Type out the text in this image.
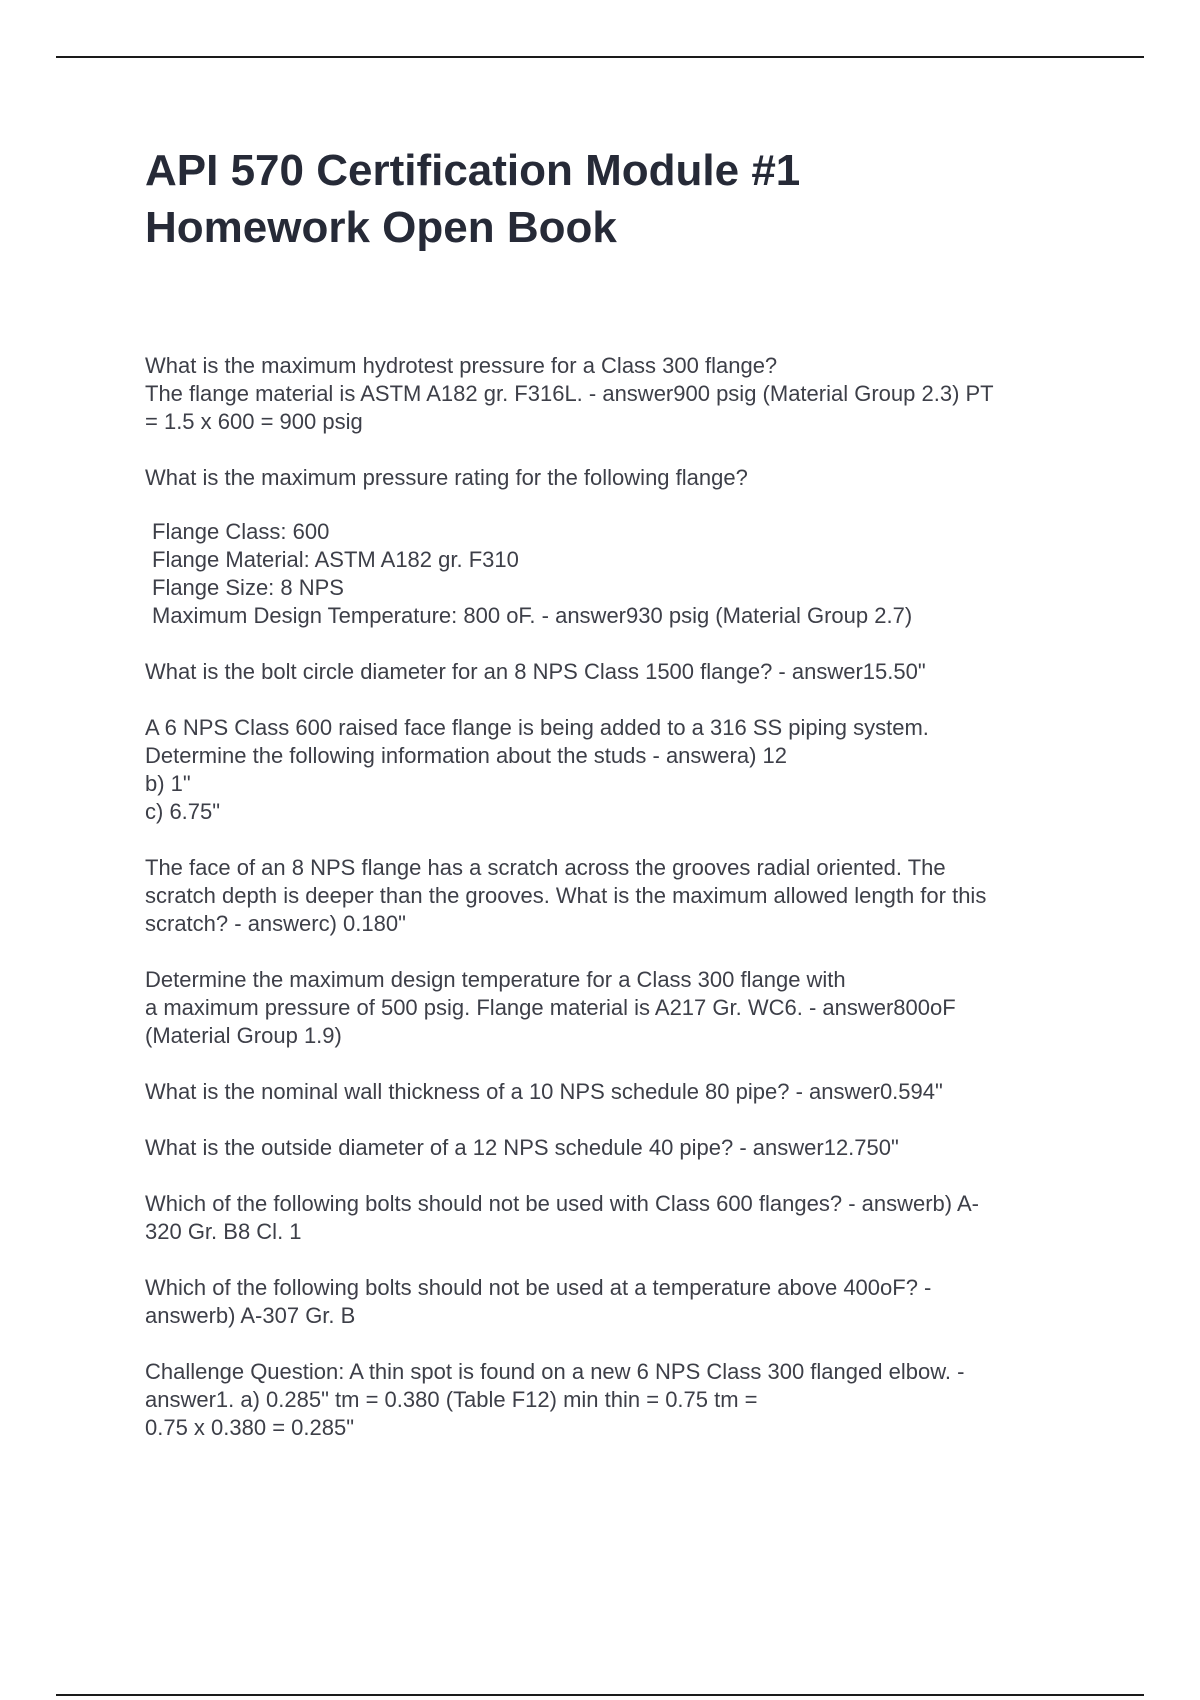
API 570 Certification Module #1
Homework Open Book

What is the maximum hydrotest pressure for a Class 300 flange?
The flange material is ASTM A182 gr. F316L. - answer900 psig (Material Group 2.3) PT
= 1.5 x 600 = 900 psig

What is the maximum pressure rating for the following flange?

Flange Class: 600
Flange Material: ASTM A182 gr. F310
Flange Size: 8 NPS
Maximum Design Temperature: 800 oF. - answer930 psig (Material Group 2.7)

What is the bolt circle diameter for an 8 NPS Class 1500 flange? - answer15.50"

A 6 NPS Class 600 raised face flange is being added to a 316 SS piping system.
Determine the following information about the studs - answera) 12
b) 1"
c) 6.75"

The face of an 8 NPS flange has a scratch across the grooves radial oriented. The
scratch depth is deeper than the grooves. What is the maximum allowed length for this
scratch? - answerc) 0.180"

Determine the maximum design temperature for a Class 300 flange with
a maximum pressure of 500 psig. Flange material is A217 Gr. WC6. - answer800oF
(Material Group 1.9)

What is the nominal wall thickness of a 10 NPS schedule 80 pipe? - answer0.594"

What is the outside diameter of a 12 NPS schedule 40 pipe? - answer12.750"

Which of the following bolts should not be used with Class 600 flanges? - answerb) A-
320 Gr. B8 Cl. 1

Which of the following bolts should not be used at a temperature above 400oF? -
answerb) A-307 Gr. B

Challenge Question: A thin spot is found on a new 6 NPS Class 300 flanged elbow. -
answer1. a) 0.285" tm = 0.380 (Table F12) min thin = 0.75 tm =
0.75 x 0.380 = 0.285"
